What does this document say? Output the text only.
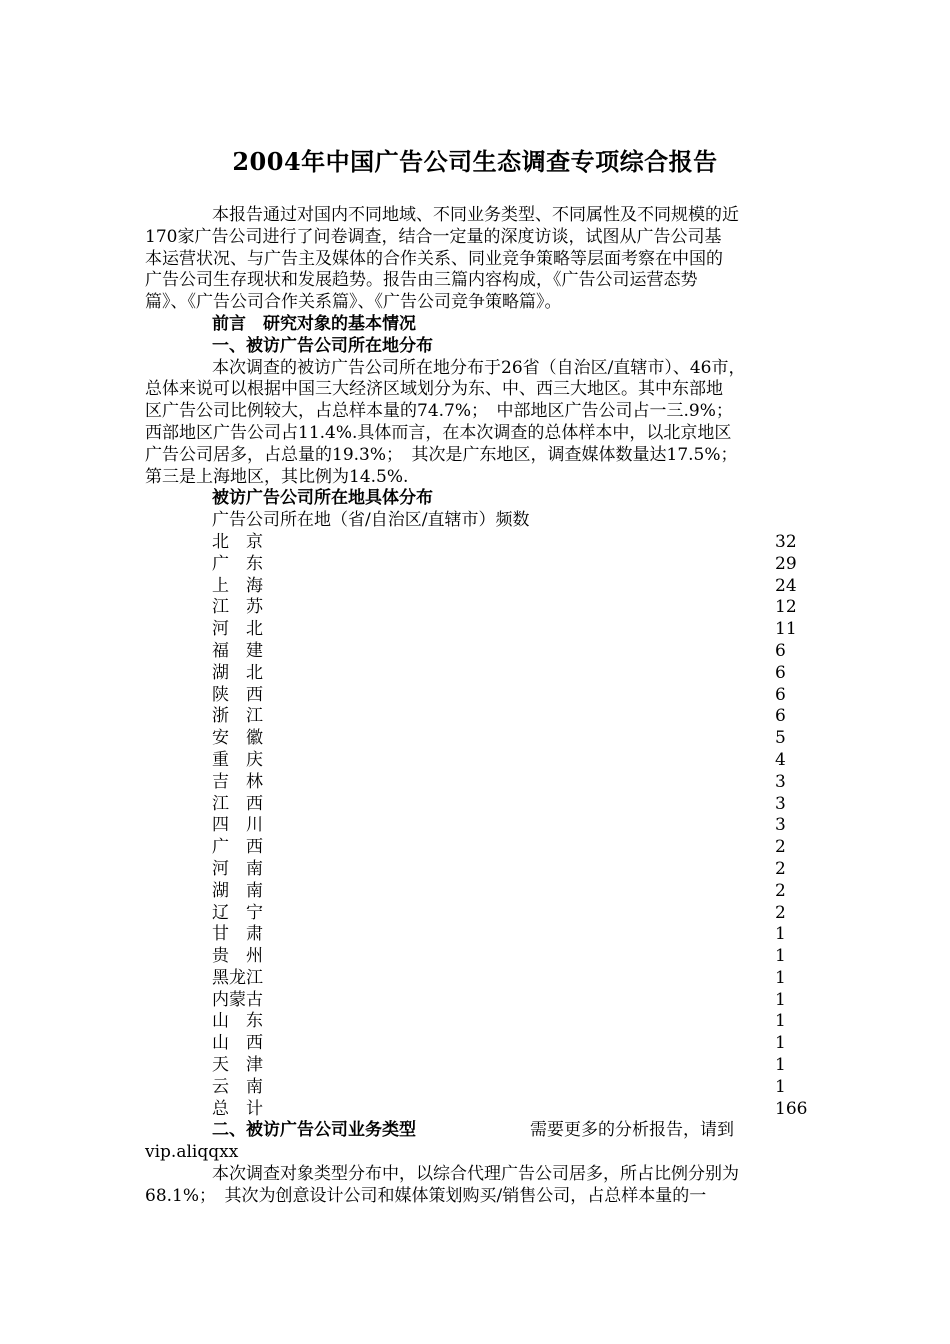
2004年中国广告公司生态调查专项综合报告
本报告通过对国内不同地域、不同业务类型、不同属性及不同规模的近
170家广告公司进行了问卷调查，结合一定量的深度访谈，试图从广告公司基
本运营状况、与广告主及媒体的合作关系、同业竞争策略等层面考察在中国的
广告公司生存现状和发展趋势。报告由三篇内容构成，《广告公司运营态势
篇》、《广告公司合作关系篇》、《广告公司竞争策略篇》。
前言　研究对象的基本情况
一、被访广告公司所在地分布
本次调查的被访广告公司所在地分布于26省（自治区/直辖市）、46市，
总体来说可以根据中国三大经济区域划分为东、中、西三大地区。其中东部地
区广告公司比例较大，占总样本量的74.7%；　中部地区广告公司占一三.9%；
西部地区广告公司占11.4%.具体而言，在本次调查的总体样本中，以北京地区
广告公司居多，占总量的19.3%；　其次是广东地区，调查媒体数量达17.5%；
第三是上海地区，其比例为14.5%.
被访广告公司所在地具体分布
广告公司所在地（省/自治区/直辖市）频数
北　京	32
广　东	29
上　海	24
江　苏	12
河　北	11
福　建	6
湖　北	6
陕　西	6
浙　江	6
安　徽	5
重　庆	4
吉　林	3
江　西	3
四　川	3
广　西	2
河　南	2
湖　南	2
辽　宁	2
甘　肃	1
贵　州	1
黑龙江	1
内蒙古	1
山　东	1
山　西	1
天　津	1
云　南	1
总　计	166
二、被访广告公司业务类型	需要更多的分析报告，请到
vip.aliqqxx
本次调查对象类型分布中，以综合代理广告公司居多，所占比例分别为
68.1%；　其次为创意设计公司和媒体策划购买/销售公司，占总样本量的一
